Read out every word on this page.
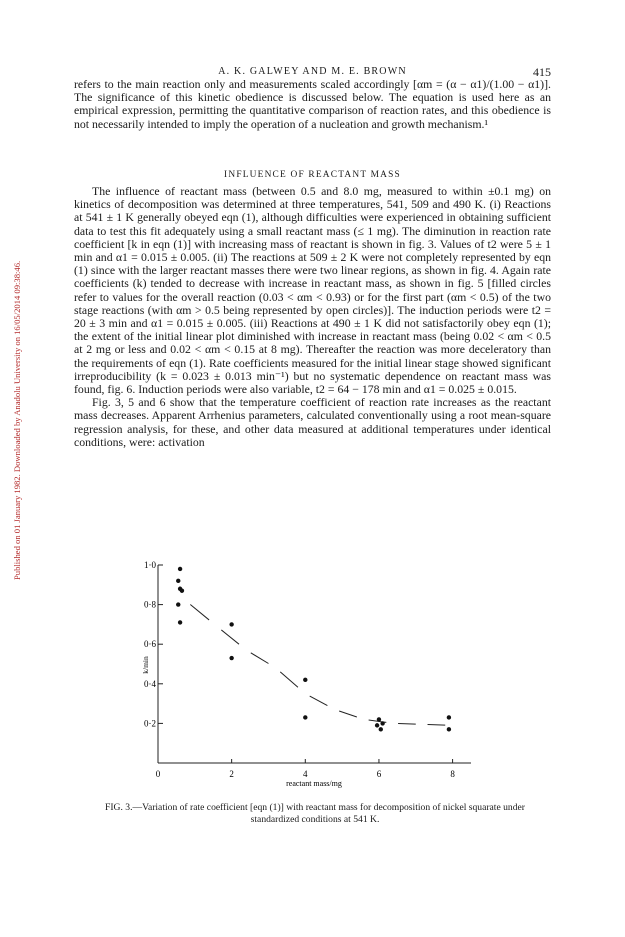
Published on 01 January 1982. Downloaded by Anadolu University on 16/05/2014 09:38:46.
A. K. GALWEY AND M. E. BROWN	415

refers to the main reaction only and measurements scaled accordingly [αm = (α − α1)/(1.00 − α1)]. The significance of this kinetic obedience is discussed below. The equation is used here as an empirical expression, permitting the quantitative comparison of reaction rates, and this obedience is not necessarily intended to imply the operation of a nucleation and growth mechanism.¹

INFLUENCE OF REACTANT MASS

The influence of reactant mass (between 0.5 and 8.0 mg, measured to within ±0.1 mg) on kinetics of decomposition was determined at three temperatures, 541, 509 and 490 K. (i) Reactions at 541 ± 1 K generally obeyed eqn (1), although difficulties were experienced in obtaining sufficient data to test this fit adequately using a small reactant mass (≤ 1 mg). The diminution in reaction rate coefficient [k in eqn (1)] with increasing mass of reactant is shown in fig. 3. Values of t2 were 5 ± 1 min and α1 = 0.015 ± 0.005. (ii) The reactions at 509 ± 2 K were not completely represented by eqn (1) since with the larger reactant masses there were two linear regions, as shown in fig. 4. Again rate coefficients (k) tended to decrease with increase in reactant mass, as shown in fig. 5 [filled circles refer to values for the overall reaction (0.03 < αm < 0.93) or for the first part (αm < 0.5) of the two stage reactions (with αm > 0.5 being represented by open circles)]. The induction periods were t2 = 20 ± 3 min and α1 = 0.015 ± 0.005. (iii) Reactions at 490 ± 1 K did not satisfactorily obey eqn (1); the extent of the initial linear plot diminished with increase in reactant mass (being 0.02 < αm < 0.5 at 2 mg or less and 0.02 < αm < 0.15 at 8 mg). Thereafter the reaction was more deceleratory than the requirements of eqn (1). Rate coefficients measured for the initial linear stage showed significant irreproducibility (k = 0.023 ± 0.013 min⁻¹) but no systematic dependence on reactant mass was found, fig. 6. Induction periods were also variable, t2 = 64 − 178 min and α1 = 0.025 ± 0.015.

Fig. 3, 5 and 6 show that the temperature coefficient of reaction rate increases as the reactant mass decreases. Apparent Arrhenius parameters, calculated conventionally using a root mean-square regression analysis, for these, and other data measured at additional temperatures under identical conditions, were: activation

0	2	4	6	8
1·0
0·8
0·6
0·4
0·2
reactant mass/mg
k/min
FIG. 3.—Variation of rate coefficient [eqn (1)] with reactant mass for decomposition of nickel squarate under standardized conditions at 541 K.
